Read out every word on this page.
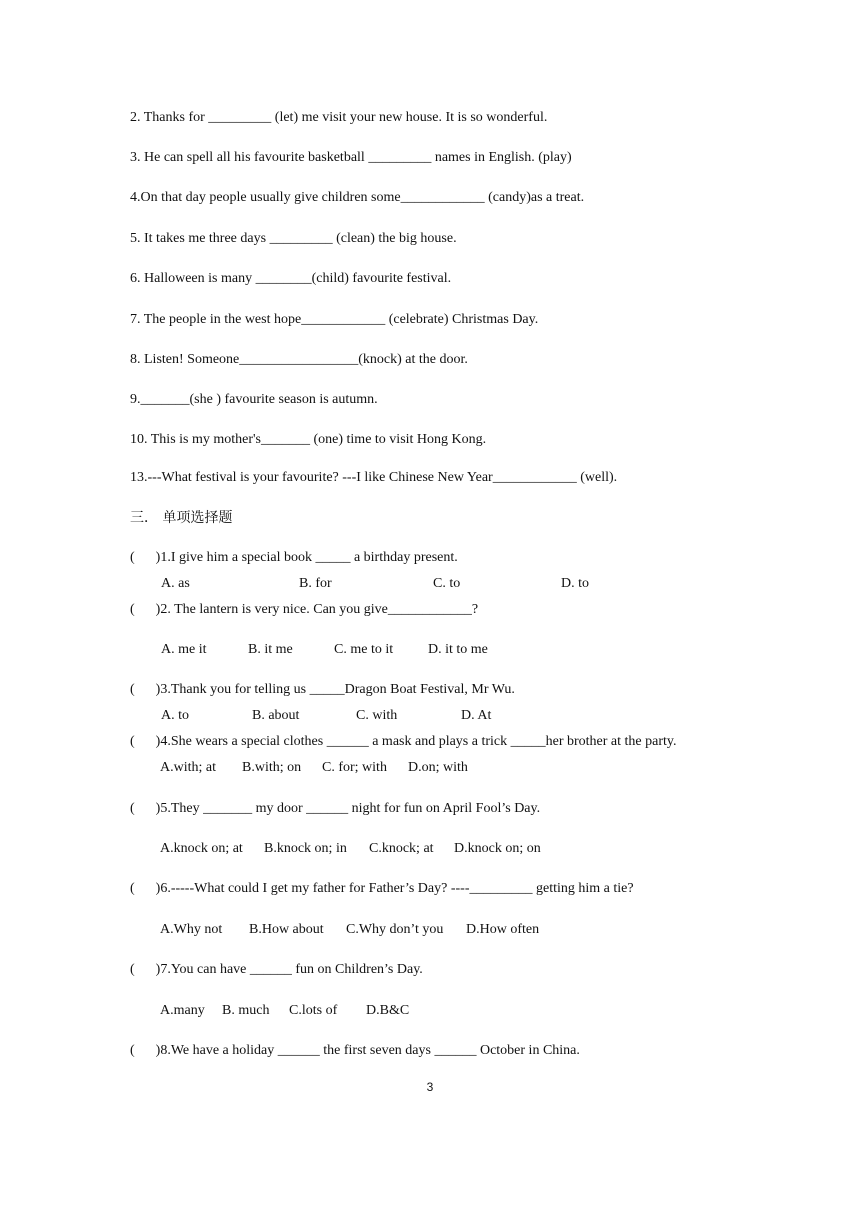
2. Thanks for _________ (let) me visit your new house. It is so wonderful.
3. He can spell all his favourite basketball _________ names in English. (play)
4.On that day people usually give children some____________ (candy)as a treat.
5. It takes me three days _________ (clean) the big house.
6. Halloween is many ________(child) favourite festival.
7. The people in the west hope____________ (celebrate) Christmas Day.
8. Listen! Someone_________________(knock) at the door.
9._______(she ) favourite season is autumn.
10. This is my mother's_______ (one) time to visit Hong Kong.
13.---What festival is your favourite? ---I like Chinese New Year____________ (well).
三． 单项选择题
(      )1.I give him a special book _____ a birthday present.
A. as	B. for	C. to	D. to
(      )2. The lantern is very nice. Can you give____________?
A. me it	B. it me	C. me to it D. it to me
(      )3.Thank you for telling us _____Dragon Boat Festival, Mr Wu.
A. to	B. about	C. with	D. At
(      )4.She wears a special clothes ______ a mask and plays a trick _____her brother at the party.
A.with; at B.with; on C. for; with D.on; with
(      )5.They _______ my door ______ night for fun on April Fool’s Day.
A.knock on; at B.knock on; in C.knock; at D.knock on; on
(      )6.-----What could I get my father for Father’s Day? ----_________ getting him a tie?
A.Why not B.How about C.Why don’t you D.How often
(      )7.You can have ______ fun on Children’s Day.
A.many B. much C.lots of D.B&C
(      )8.We have a holiday ______ the first seven days ______ October in China.
3
